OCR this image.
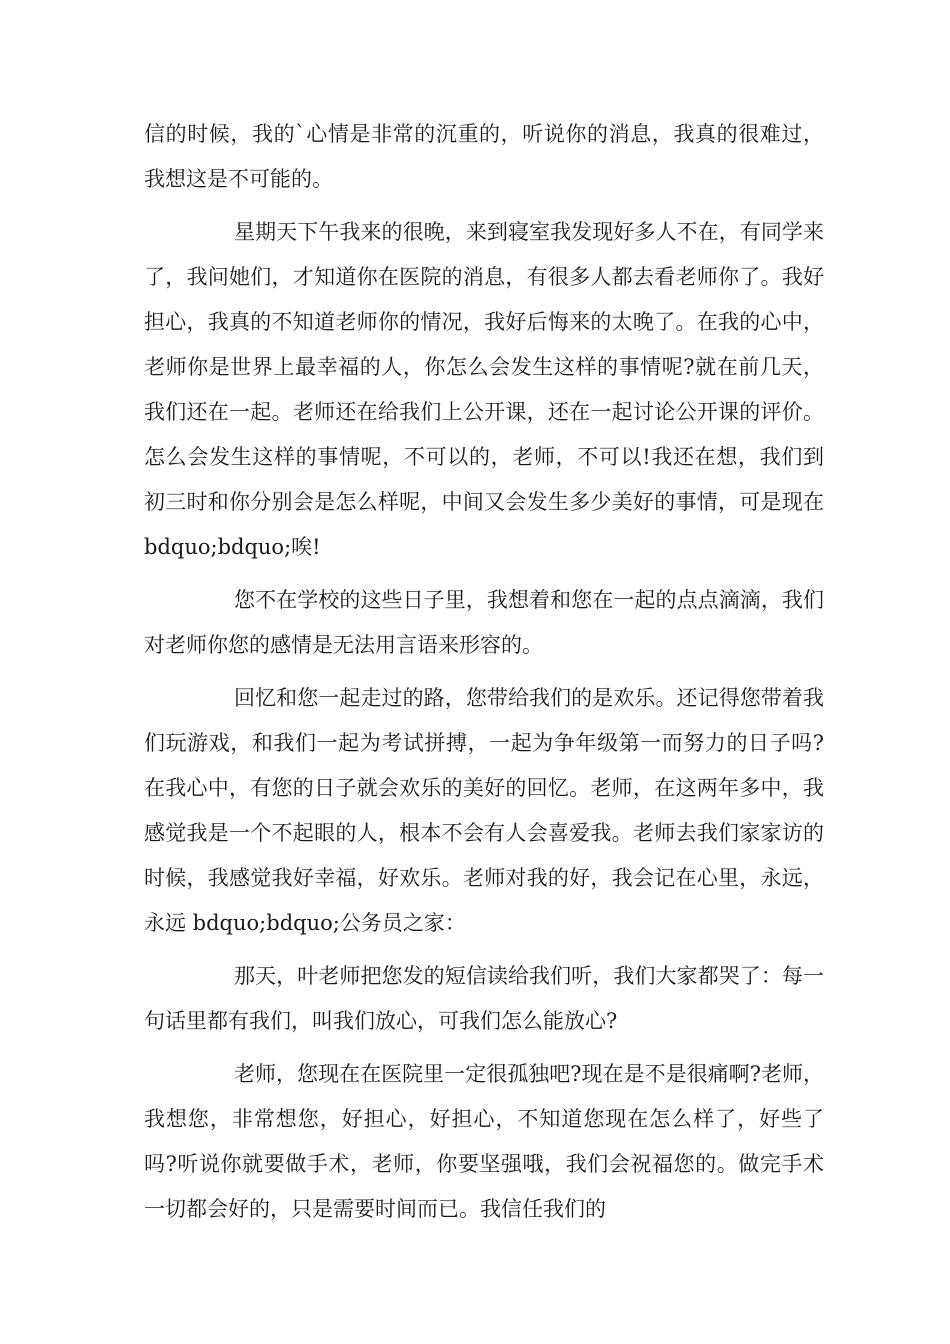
信的时候，我的`心情是非常的沉重的，听说你的消息，我真的很难过，我想这是不可能的。

星期天下午我来的很晚，来到寝室我发现好多人不在，有同学来了，我问她们，才知道你在医院的消息，有很多人都去看老师你了。我好担心，我真的不知道老师你的情况，我好后悔来的太晚了。在我的心中，老师你是世界上最幸福的人，你怎么会发生这样的事情呢?就在前几天，我们还在一起。老师还在给我们上公开课，还在一起讨论公开课的评价。怎么会发生这样的事情呢，不可以的，老师，不可以!我还在想，我们到初三时和你分别会是怎么样呢，中间又会发生多少美好的事情，可是现在 bdquo;bdquo;唉!

您不在学校的这些日子里，我想着和您在一起的点点滴滴，我们对老师你您的感情是无法用言语来形容的。

回忆和您一起走过的路，您带给我们的是欢乐。还记得您带着我们玩游戏，和我们一起为考试拼搏，一起为争年级第一而努力的日子吗?在我心中，有您的日子就会欢乐的美好的回忆。老师，在这两年多中，我感觉我是一个不起眼的人，根本不会有人会喜爱我。老师去我们家家访的时候，我感觉我好幸福，好欢乐。老师对我的好，我会记在心里，永远，永远 bdquo;bdquo;公务员之家：

那天，叶老师把您发的短信读给我们听，我们大家都哭了：每一句话里都有我们，叫我们放心，可我们怎么能放心?

老师，您现在在医院里一定很孤独吧?现在是不是很痛啊?老师，我想您，非常想您，好担心，好担心，不知道您现在怎么样了，好些了吗?听说你就要做手术，老师，你要坚强哦，我们会祝福您的。做完手术一切都会好的，只是需要时间而已。我信任我们的
